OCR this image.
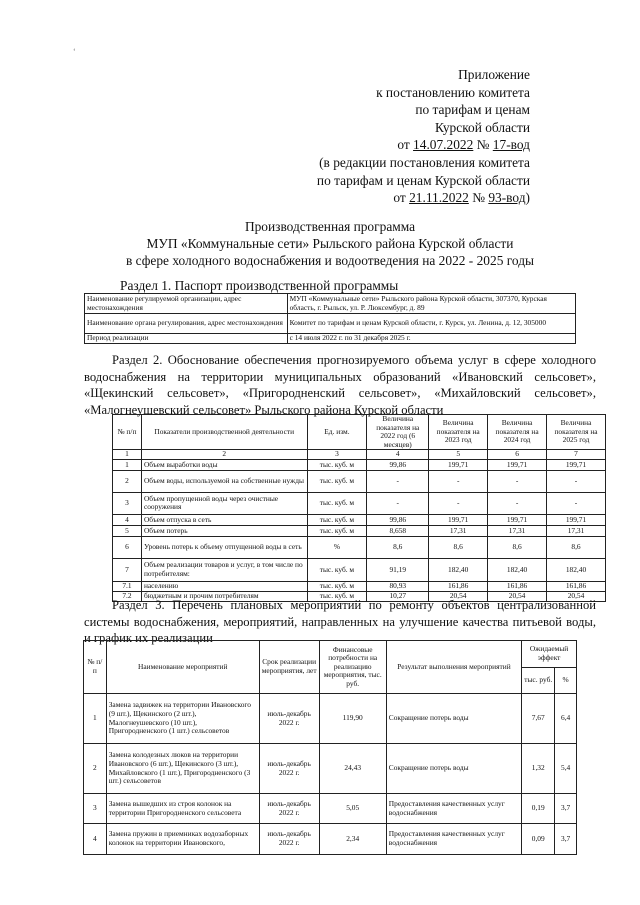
‘
Приложение
к постановлению комитета
по тарифам и ценам
Курской области
от 14.07.2022 № 17-вод
(в редакции постановления комитета
по тарифам и ценам Курской области
от 21.11.2022 № 93-вод)
Производственная программа
МУП «Коммунальные сети» Рыльского района Курской области
в сфере холодного водоснабжения и водоотведения на 2022 - 2025 годы
Раздел 1. Паспорт производственной программы
Наименование регулируемой организации, адрес местонахождения	МУП «Коммунальные сети» Рыльского района Курской области, 307370, Курская область, г. Рыльск, ул. Р. Люксембург, д. 89
Наименование органа регулирования, адрес местонахождения	Комитет по тарифам и ценам Курской области, г. Курск, ул. Ленина, д. 12, 305000
Период реализации	с 14 июля 2022 г. по 31 декабря 2025 г.
Раздел 2. Обоснование обеспечения прогнозируемого объема услуг в сфере холодного водоснабжения на территории муниципальных образований «Ивановский сельсовет», «Щекинский сельсовет», «Пригородненский сельсовет», «Михайловский сельсовет», «Малогнеушевский сельсовет» Рыльского района Курской области
№ п/п	Показатели производственной деятельности	Ед. изм.	Величина показателя на 2022 год (6 месяцев)	Величина показателя на 2023 год	Величина показателя на 2024 год	Величина показателя на 2025 год
1	2	3	4	5	6	7
1	Объем выработки воды	тыс. куб. м	99,86	199,71	199,71	199,71
2	Объем воды, используемой на собственные нужды	тыс. куб. м	-	-	-	-
3	Объем пропущенной воды через очистные сооружения	тыс. куб. м	-	-	-	-
4	Объем отпуска в сеть	тыс. куб. м	99,86	199,71	199,71	199,71
5	Объем потерь	тыс. куб. м	8,658	17,31	17,31	17,31
6	Уровень потерь к объему отпущенной воды в сеть	%	8,6	8,6	8,6	8,6
7	Объем реализации товаров и услуг, в том числе по потребителям:	тыс. куб. м	91,19	182,40	182,40	182,40
7.1	населению	тыс. куб. м	80,93	161,86	161,86	161,86
7.2	бюджетным и прочим потребителям	тыс. куб. м	10,27	20,54	20,54	20,54
Раздел 3. Перечень плановых мероприятий по ремонту объектов централизованной системы водоснабжения, мероприятий, направленных на улучшение качества питьевой воды, и график их реализации
№ п/п	Наименование мероприятий	Срок реализации мероприятия, лет	Финансовые потребности на реализацию мероприятия, тыс. руб.	Результат выполнения мероприятий	Ожидаемый эффект	
					тыс. руб.	%
1	Замена задвижек на территории Ивановского (9 шт.), Щекинского (2 шт.), Малогнеушевского (10 шт.), Пригородненского (1 шт.) сельсоветов	июль-декабрь 2022 г.	119,90	Сокращение потерь воды	7,67	6,4
2	Замена колодезных люков на территории Ивановского (6 шт.), Щекинского (3 шт.), Михайловского (1 шт.), Пригородненского (3 шт.) сельсоветов	июль-декабрь 2022 г.	24,43	Сокращение потерь воды	1,32	5,4
3	Замена вышедших из строя колонок на территории Пригородненского сельсовета	июль-декабрь 2022 г.	5,05	Предоставления качественных услуг водоснабжения	0,19	3,7
4	Замена пружин в приемниках водозаборных колонок на территории Ивановского,	июль-декабрь 2022 г.	2,34	Предоставления качественных услуг водоснабжения	0,09	3,7
